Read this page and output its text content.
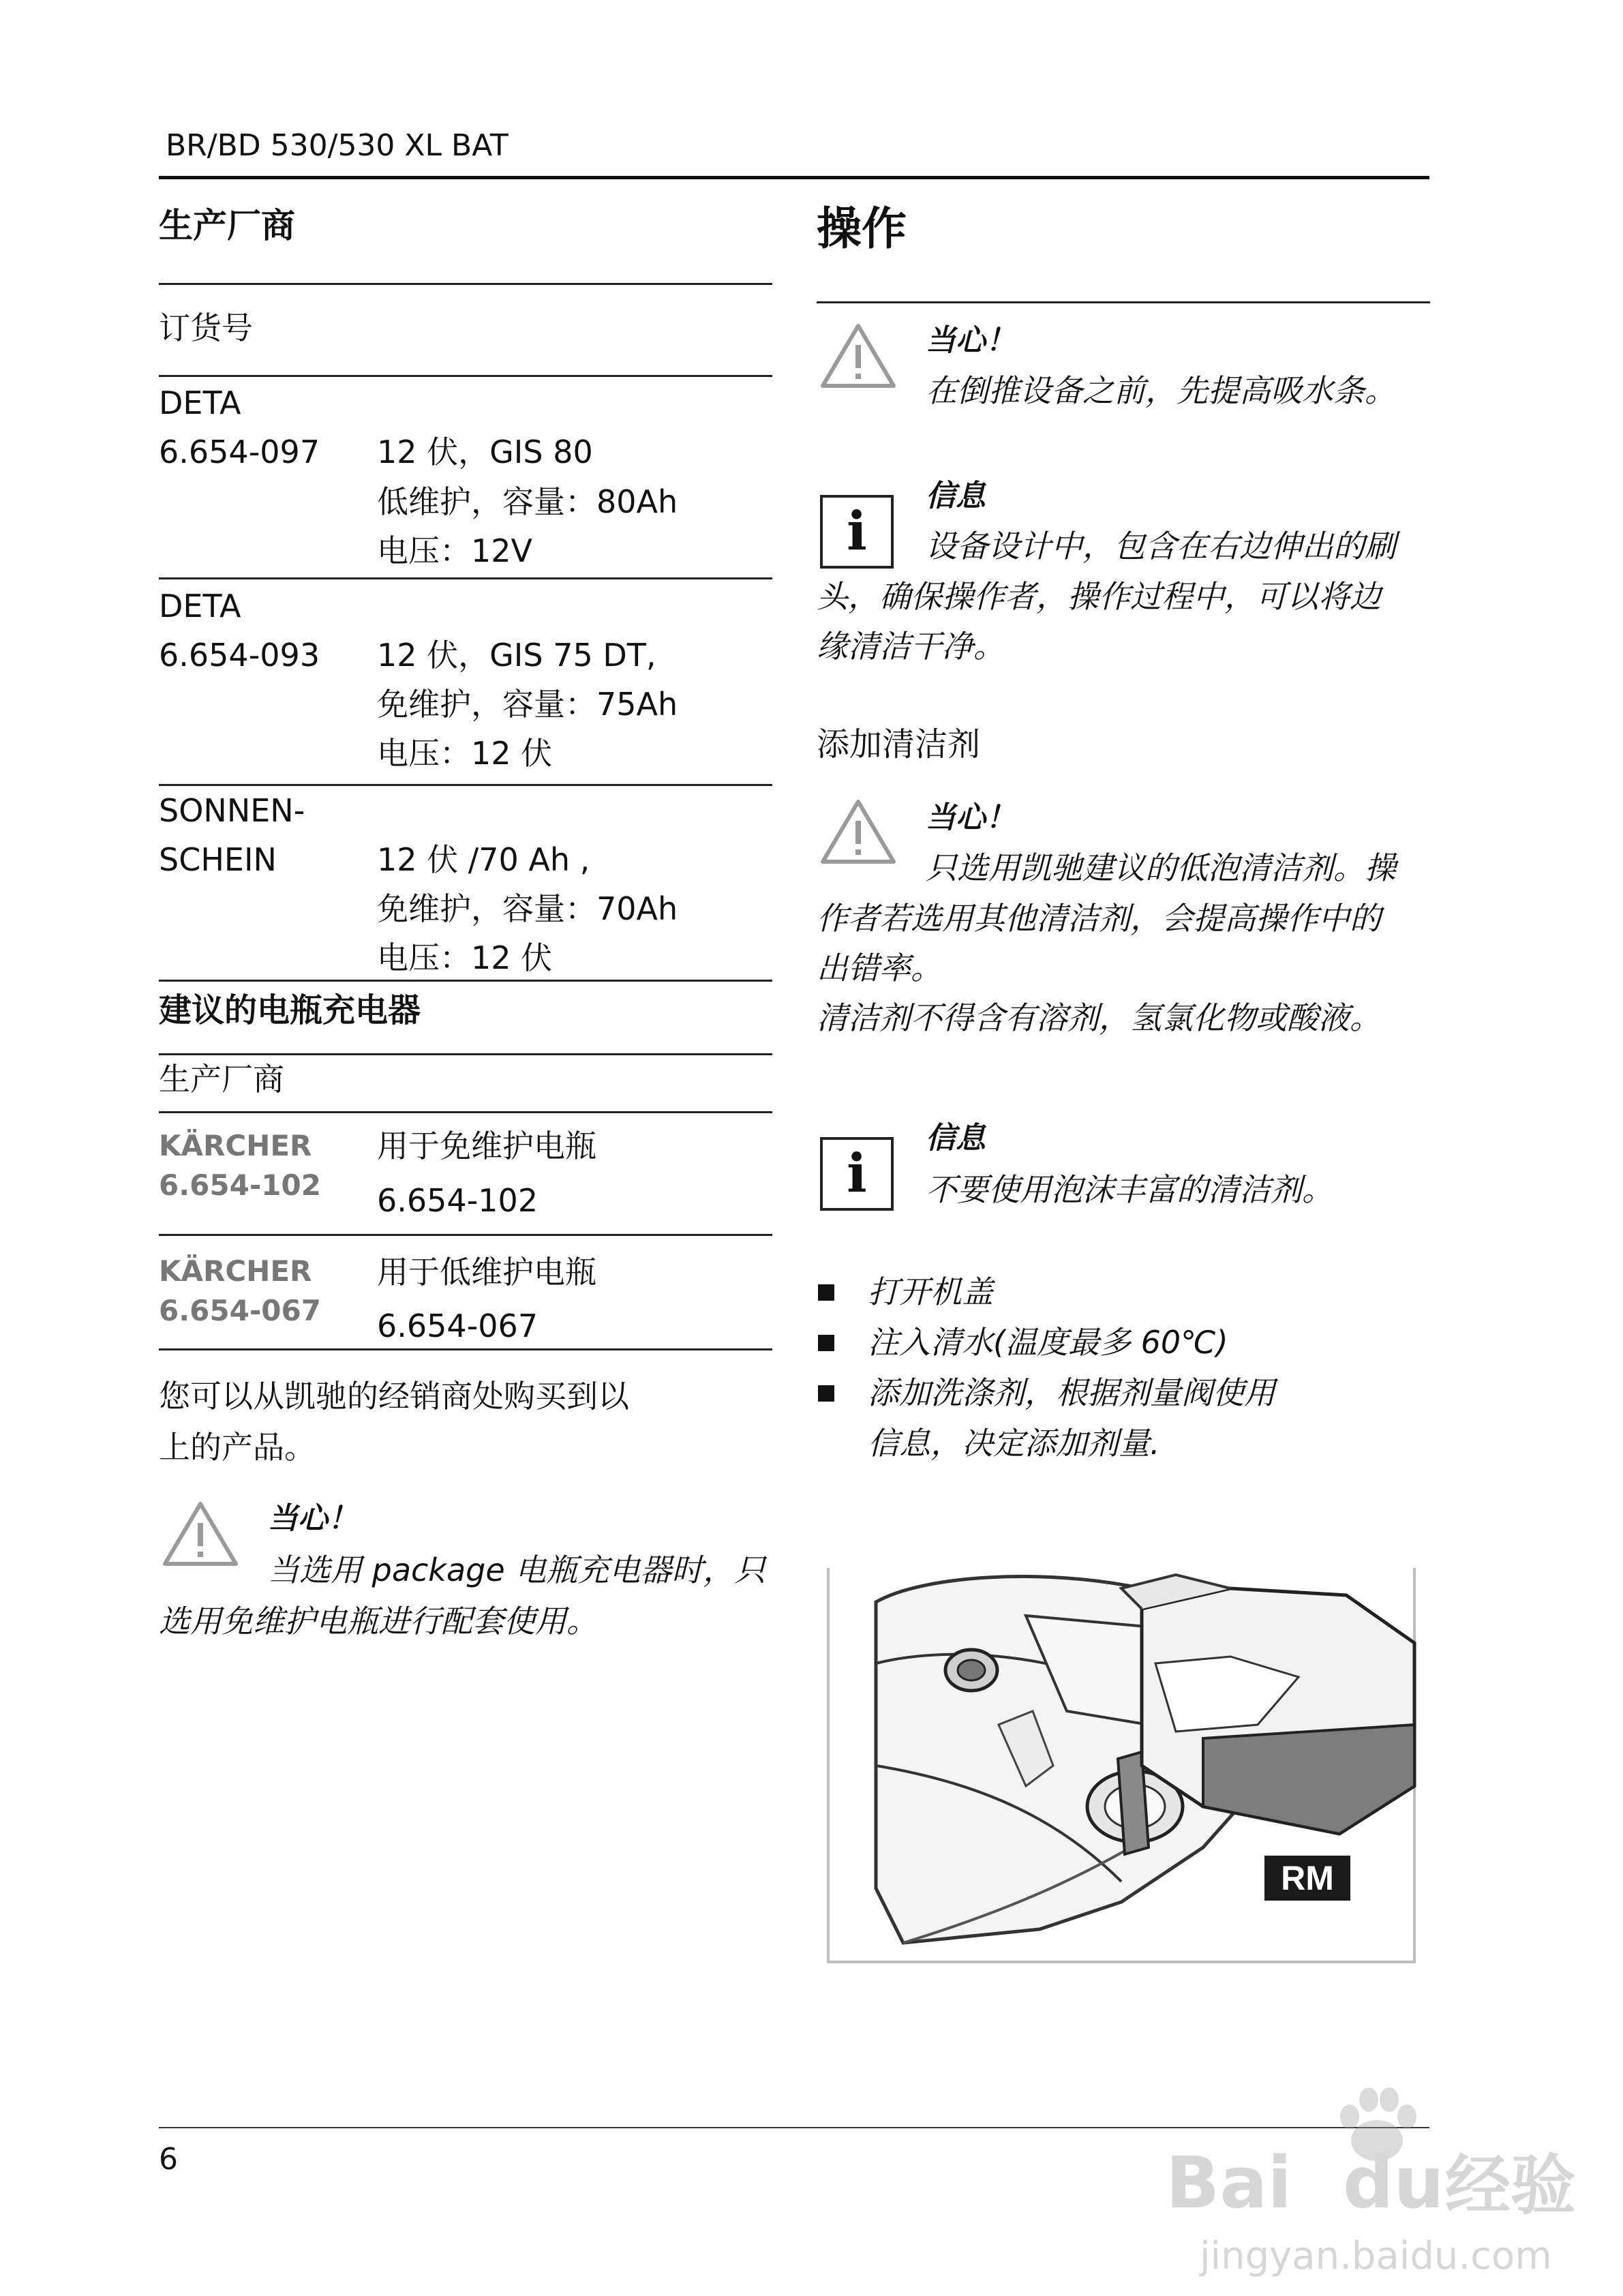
BR/BD 530/530 XL BAT
生产厂商
订货号
DETA
6.654-097 12 伏，GIS 80
低维护，容量：80Ah
电压：12V
DETA
6.654-093 12 伏，GIS 75 DT,
免维护，容量：75Ah
电压：12 伏
SONNEN-
SCHEIN	12 伏 /70 Ah ,
免维护，容量：70Ah
电压：12 伏
建议的电瓶充电器
生产厂商
KÄRCHER
6.654-102
用于免维护电瓶
6.654-102
KÄRCHER
6.654-067
用于低维护电瓶
6.654-067
您可以从凯驰的经销商处购买到以
上的产品。
当心！
当选用 package 电瓶充电器时，只
选用免维护电瓶进行配套使用。
操作
当心！
在倒推设备之前，先提高吸水条。
i
信息
设备设计中，包含在右边伸出的刷
头，确保操作者，操作过程中，可以将边
缘清洁干净。
添加清洁剂
当心！
只选用凯驰建议的低泡清洁剂。操
作者若选用其他清洁剂，会提高操作中的
出错率。
清洁剂不得含有溶剂，氢氯化物或酸液。
i
信息
不要使用泡沫丰富的清洁剂。
打开机盖
注入清水(温度最多 60℃)
添加洗涤剂，根据剂量阀使用
信息，决定添加剂量.
RM
6	Bai du 经验
jingyan.baidu.com
